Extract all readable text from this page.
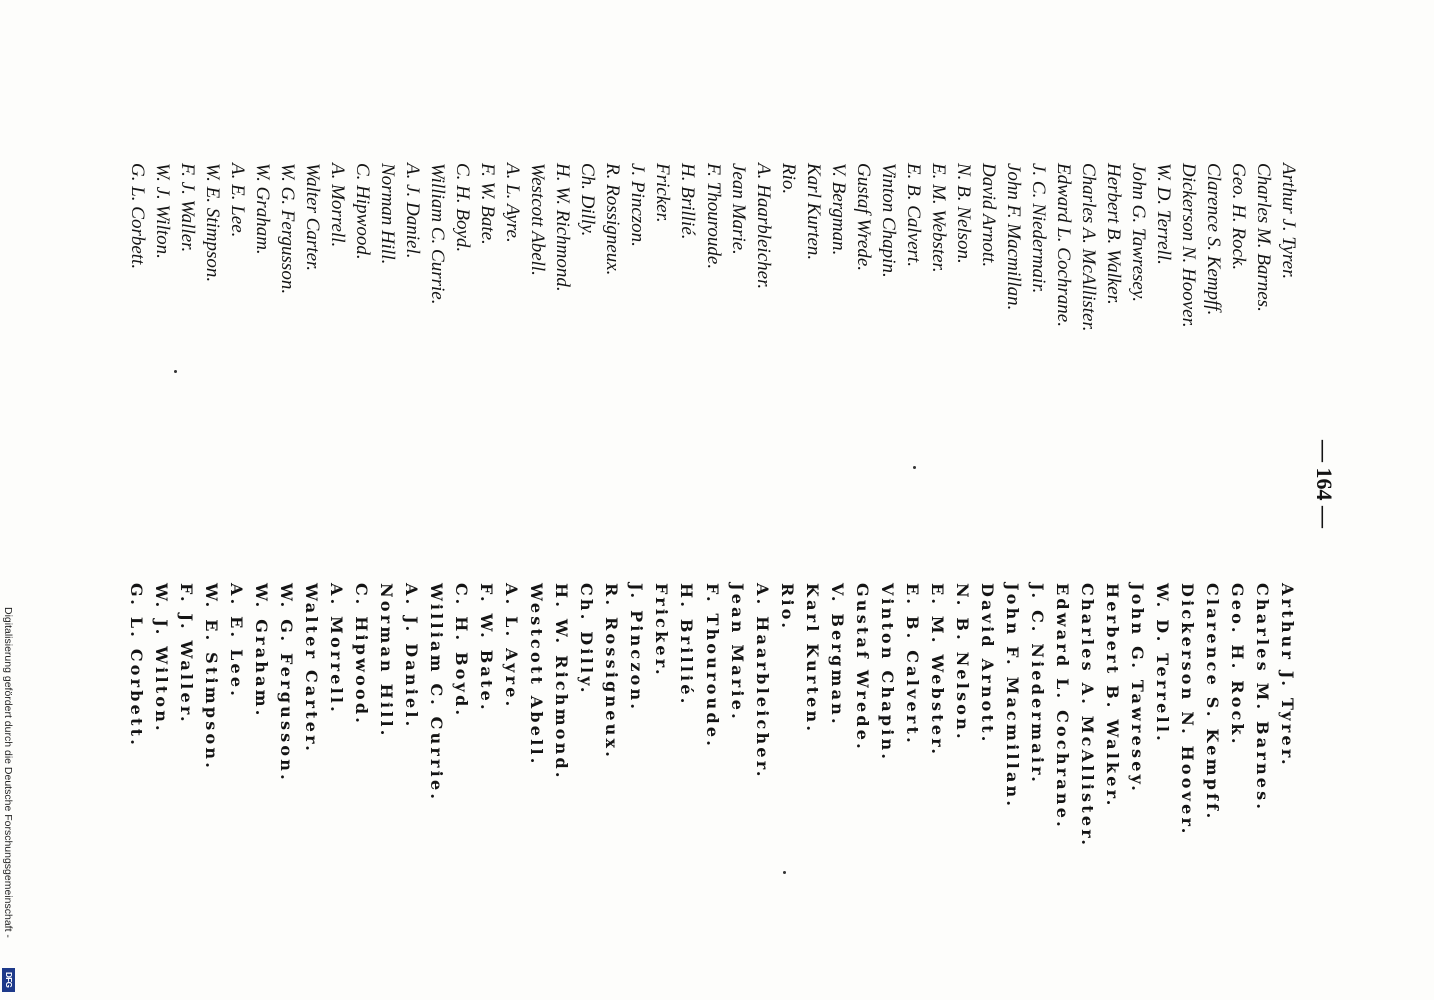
— 164 —
Arthur J. Tyrer.
Charles M. Barnes.
Geo. H. Rock.
Clarence S. Kempff.
Dickerson N. Hoover.
W. D. Terrell.
John G. Tawresey.
Herbert B. Walker.
Charles A. McAllister.
Edward L. Cochrane.
J. C. Niedermair.
John F. Macmillan.
David Arnott.
N. B. Nelson.
E. M. Webster.
E. B. Calvert.
Vinton Chapin.
Gustaf Wrede.
V. Bergman.
Karl Kurten.
Rio.
A. Haarbleicher.
Jean Marie.
F. Thouroude.
H. Brillié.
Fricker.
J. Pinczon.
R. Rossigneux.
Ch. Dilly.
H. W. Richmond.
Westcott Abell.
A. L. Ayre.
F. W. Bate.
C. H. Boyd.
William C. Currie.
A. J. Daniel.
Norman Hill.
C. Hipwood.
A. Morrell.
Walter Carter.
W. G. Fergusson.
W. Graham.
A. E. Lee.
W. E. Stimpson.
F. J. Waller.
W. J. Wilton.
G. L. Corbett.
Arthur J. Tyrer.
Charles M. Barnes.
Geo. H. Rock.
Clarence S. Kempff.
Dickerson N. Hoover.
W. D. Terrell.
John G. Tawresey.
Herbert B. Walker.
Charles A. McAllister.
Edward L. Cochrane.
J. C. Niedermair.
John F. Macmillan.
David Arnott.
N. B. Nelson.
E. M. Webster.
E. B. Calvert.
Vinton Chapin.
Gustaf Wrede.
V. Bergman.
Karl Kurten.
Rio.
A. Haarbleicher.
Jean Marie.
F. Thouroude.
H. Brillié.
Fricker.
J. Pinczon.
R. Rossigneux.
Ch. Dilly.
H. W. Richmond.
Westcott Abell.
A. L. Ayre.
F. W. Bate.
C. H. Boyd.
William C. Currie.
A. J. Daniel.
Norman Hill.
C. Hipwood.
A. Morrell.
Walter Carter.
W. G. Fergusson.
W. Graham.
A. E. Lee.
W. E. Stimpson.
F. J. Waller.
W. J. Wilton.
G. L. Corbett.
Digitalisierung gefördert durch die Deutsche Forschungsgemeinschaft -
DFG
